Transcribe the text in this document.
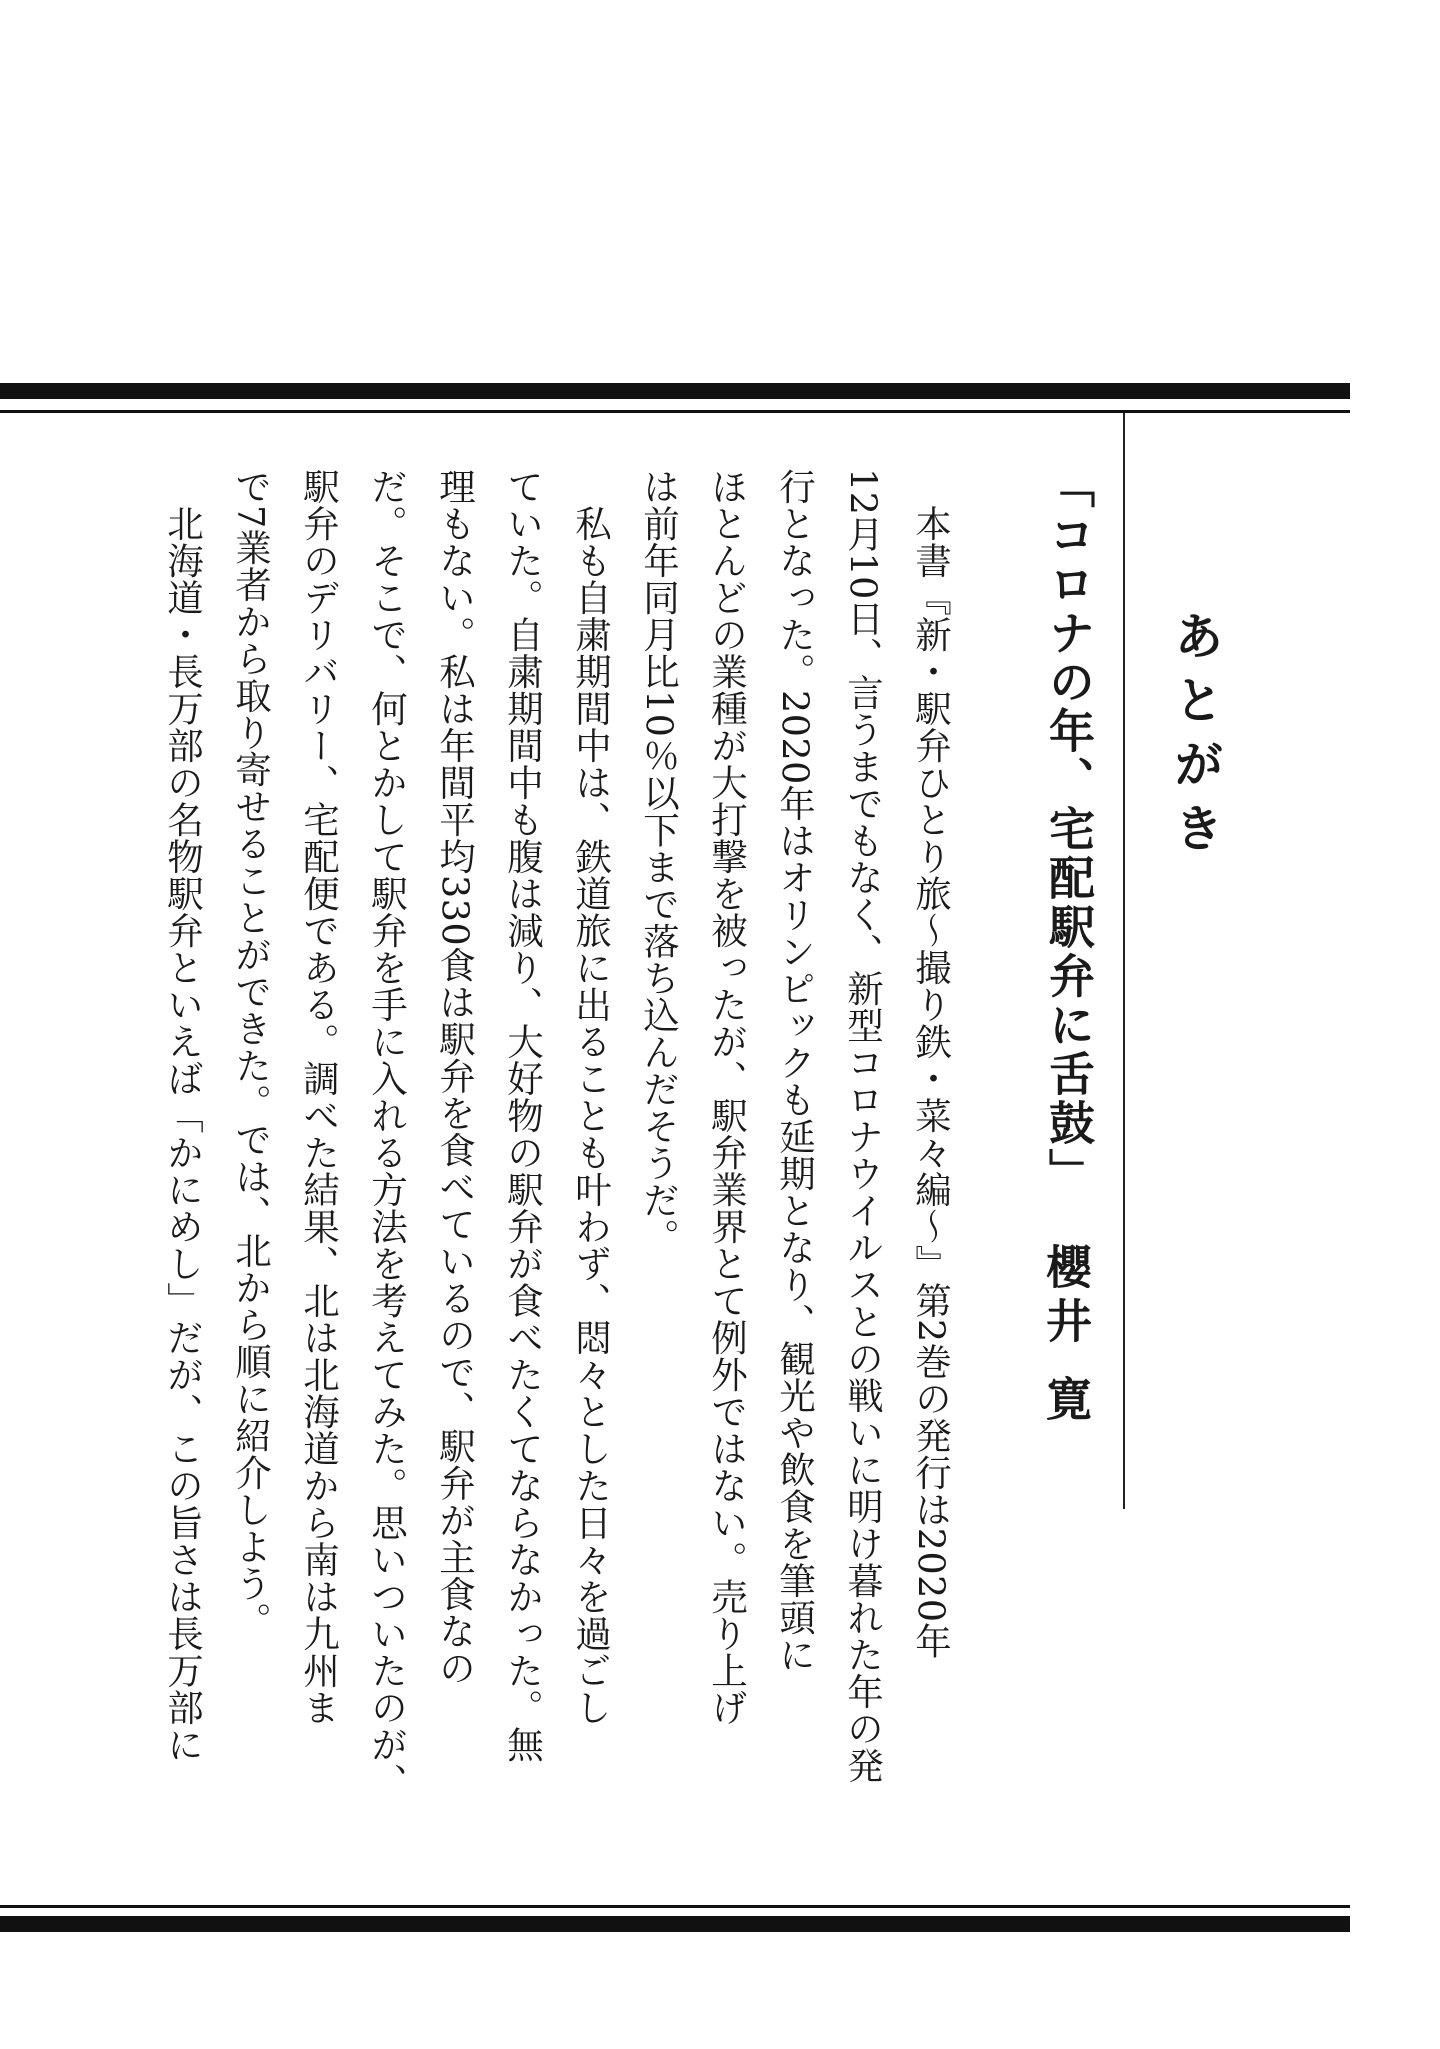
あとがき
「コロナの年、宅配駅弁に舌鼓」
櫻井 寛
　本書『新・駅弁ひとり旅〜撮り鉄・菜々編〜』第2巻の発行は2020年
12月10日、言うまでもなく、新型コロナウイルスとの戦いに明け暮れた年の発
行となった。2020年はオリンピックも延期となり、観光や飲食を筆頭に
ほとんどの業種が大打撃を被ったが、駅弁業界とて例外ではない。売り上げ
は前年同月比10％以下まで落ち込んだそうだ。
　私も自粛期間中は、鉄道旅に出ることも叶わず、悶々とした日々を過ごし
ていた。自粛期間中も腹は減り、大好物の駅弁が食べたくてならなかった。無
理もない。私は年間平均330食は駅弁を食べているので、駅弁が主食なの
だ。そこで、何とかして駅弁を手に入れる方法を考えてみた。思いついたのが、
駅弁のデリバリー、宅配便である。調べた結果、北は北海道から南は九州ま
で7業者から取り寄せることができた。では、北から順に紹介しよう。
　北海道・長万部の名物駅弁といえば「かにめし」だが、この旨さは長万部に
